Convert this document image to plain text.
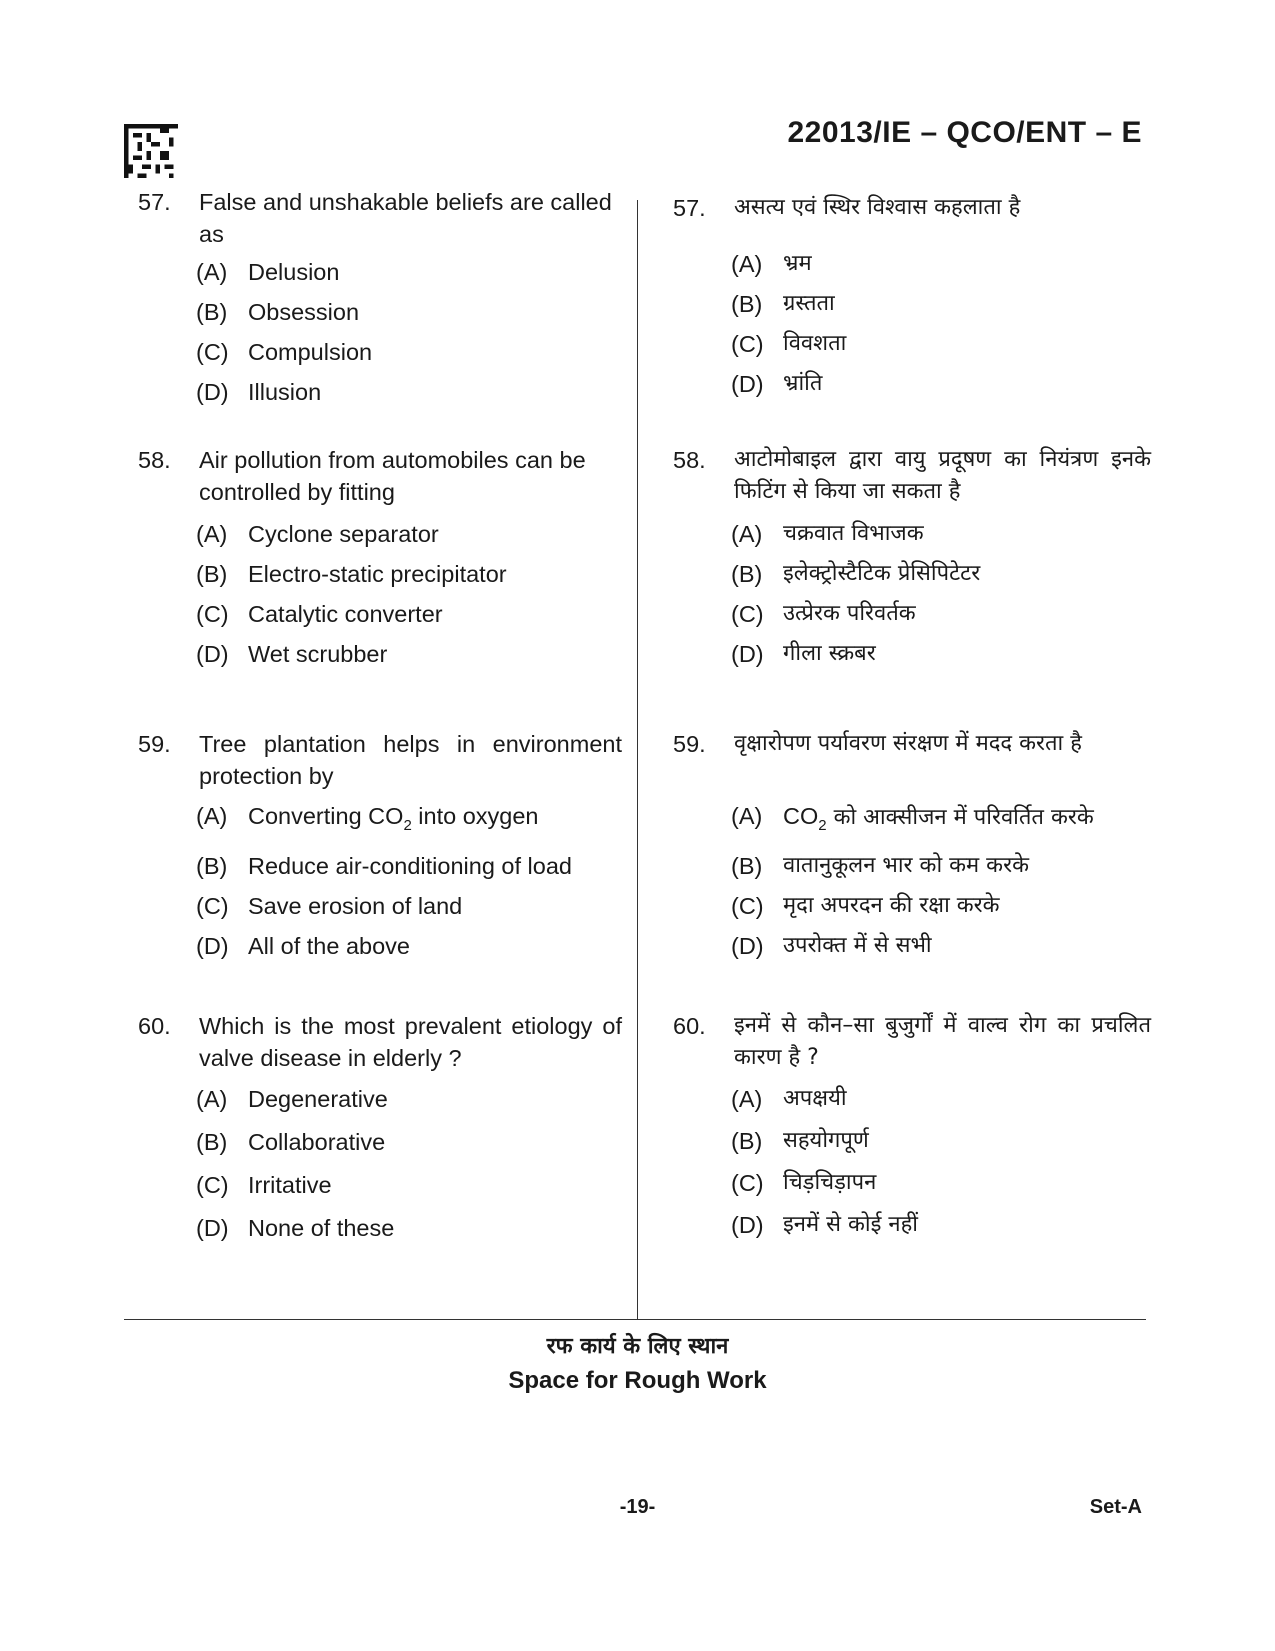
22013/IE – QCO/ENT – E
57.	False and unshakable beliefs are called as
(A) Delusion
(B) Obsession
(C) Compulsion
(D) Illusion
58.	Air pollution from automobiles can be controlled by fitting
(A) Cyclone separator
(B) Electro-static precipitator
(C) Catalytic converter
(D) Wet scrubber
59.	Tree plantation helps in environment protection by
(A) Converting $CO_2$ into oxygen
(B) Reduce air-conditioning of load
(C) Save erosion of land
(D) All of the above
60.	Which is the most prevalent etiology of valve disease in elderly ?
(A) Degenerative
(B) Collaborative
(C) Irritative
(D) None of these
57.	असत्य एवं स्थिर विश्वास कहलाता है
(A) भ्रम
(B) ग्रस्तता
(C) विवशता
(D) भ्रांति
58.	आटोमोबाइल द्वारा वायु प्रदूषण का नियंत्रण इनके फिटिंग से किया जा सकता है
(A) चक्रवात विभाजक
(B) इलेक्ट्रोस्टैटिक प्रेसिपिटेटर
(C) उत्प्रेरक परिवर्तक
(D) गीला स्क्रबर
59.	वृक्षारोपण पर्यावरण संरक्षण में मदद करता है
(A) $CO_2$ को आक्सीजन में परिवर्तित करके
(B) वातानुकूलन भार को कम करके
(C) मृदा अपरदन की रक्षा करके
(D) उपरोक्त में से सभी
60.	इनमें से कौन–सा बुजुर्गों में वाल्व रोग का प्रचलित कारण है ?
(A) अपक्षयी
(B) सहयोगपूर्ण
(C) चिड़चिड़ापन
(D) इनमें से कोई नहीं
रफ कार्य के लिए स्थान
Space for Rough Work
-19-	Set-A
